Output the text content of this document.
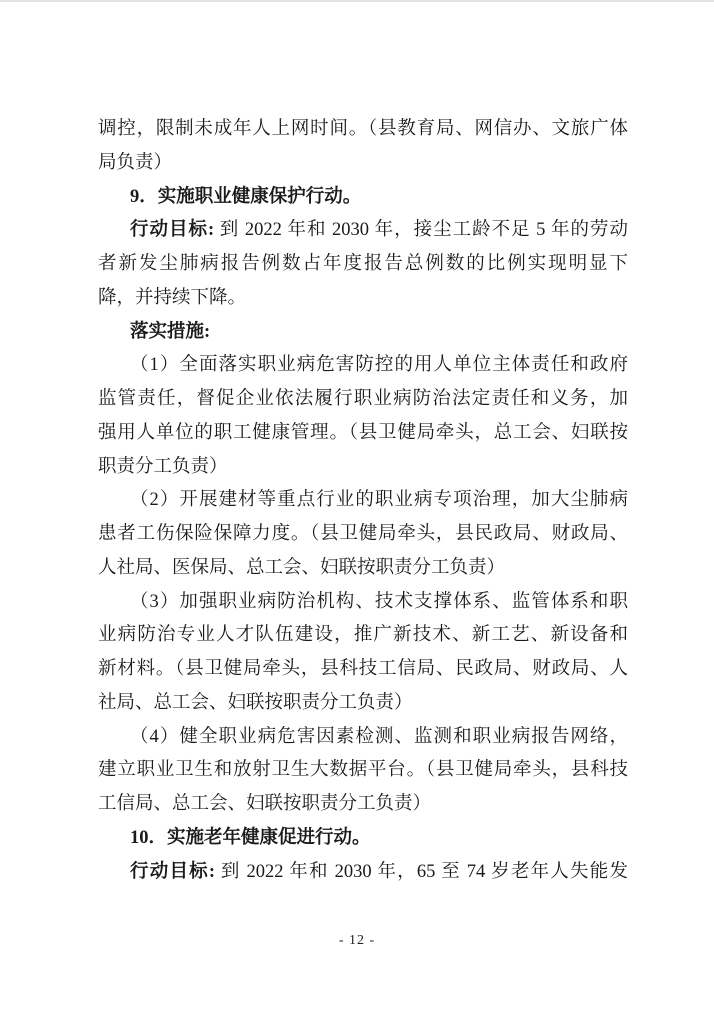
调控，限制未成年人上网时间。（县教育局、网信办、文旅广体
局负责）
9．实施职业健康保护行动。
行动目标: 到 2022 年和 2030 年，接尘工龄不足 5 年的劳动
者新发尘肺病报告例数占年度报告总例数的比例实现明显下
降，并持续下降。
落实措施:
（1）全面落实职业病危害防控的用人单位主体责任和政府
监管责任，督促企业依法履行职业病防治法定责任和义务，加
强用人单位的职工健康管理。（县卫健局牵头，总工会、妇联按
职责分工负责）
（2）开展建材等重点行业的职业病专项治理，加大尘肺病
患者工伤保险保障力度。（县卫健局牵头，县民政局、财政局、
人社局、医保局、总工会、妇联按职责分工负责）
（3）加强职业病防治机构、技术支撑体系、监管体系和职
业病防治专业人才队伍建设，推广新技术、新工艺、新设备和
新材料。（县卫健局牵头，县科技工信局、民政局、财政局、人
社局、总工会、妇联按职责分工负责）
（4）健全职业病危害因素检测、监测和职业病报告网络，
建立职业卫生和放射卫生大数据平台。（县卫健局牵头，县科技
工信局、总工会、妇联按职责分工负责）
10．实施老年健康促进行动。
行动目标: 到 2022 年和 2030 年，65 至 74 岁老年人失能发
- 12 -
